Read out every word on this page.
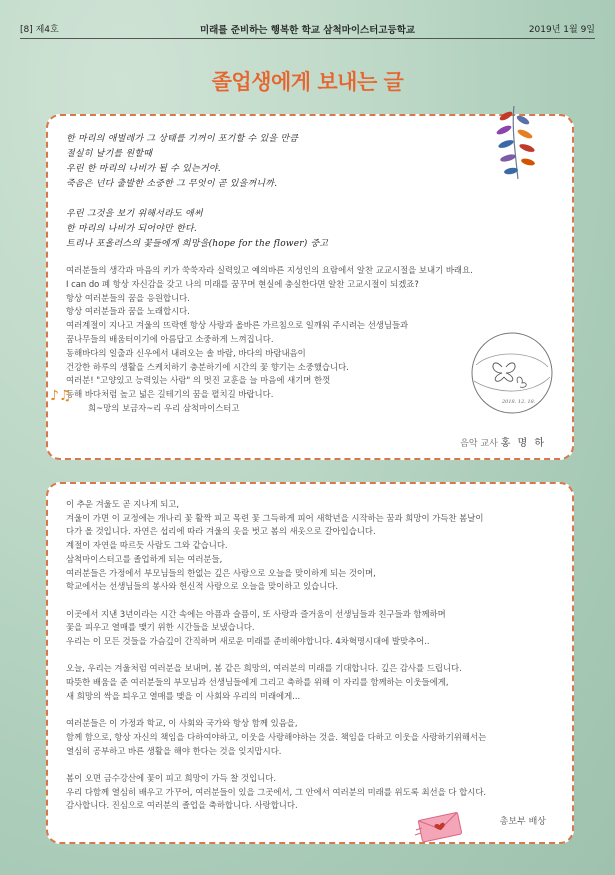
[8] 제4호	미래를 준비하는 행복한 학교 삼척마이스터고등학교	2019년 1월 9일
졸업생에게 보내는 글

한 마리의 애벌레가 그 상태를 기꺼이 포기할 수 있을 만큼

절실히 날기를 원할때

우린 한 마리의 나비가 될 수 있는거야.

죽음은 넌다 출발한 소중한 그 무엇이 곧 있을꺼니까.

우린 그것을 보기 위해서라도 애써

한 마리의 나비가 되어야만 한다.

트리나 포올러스의 꽃들에게 희망을(hope for the flower) 중고

여러분들의 생각과 마음의 키가 쑥쑥자라 실력있고 예의바른 지성인의 요람에서 알찬 교교시절을 보내기 바래요.

I can do 폐 항상 자신감을 갖고 나의 미래를 꿈꾸며 현실에 충실한다면 알찬 고교시절이 되겠죠?

항상 여러분들의 꿈을 응원합니다.

항상 여러분들과 꿈을 노래합시다.

여러계절이 지나고 겨울의 뜨락엔 항상 사랑과 올바른 가르침으로 일깨워 주시려는 선생님들과

꿈나무들의 배움터이기에 아름답고 소중하게 느껴집니다.

동해바다의 일출과 신우에서 내려오는 솔 바람, 바다의 바람내음이

건강한 하루의 생활을 스케치하기 충분하기에 시간의 꽃 향기는 소중했습니다.

여러분! "고양있고 능력있는 사람" 의 멋진 교훈을 늘 마음에 새기며 한껏

동해 바다처럼 높고 넓은 길테기의 꿈을 펼치길 바랍니다.

희~망의 보금자~리 우리 삼척마이스터고

음악 교사 홍 명 하
2018. 12. 18.
♪♫

이 추운 겨울도 곧 지나게 되고,

겨울이 가면 이 교정에는 개나리 꽃 활짝 피고 목련 꽃 그득하게 피어 새학년을 시작하는 꿈과 희망이 가득찬 봄날이

다가 올 것입니다. 자연은 섭리에 따라 겨울의 옷을 벗고 봄의 새옷으로 갈아입습니다.

계절이 자연을 따르듯 사람도 그와 같습니다.

삼척마이스터고를 졸업하게 되는 여러분들,

여러분들은 가정에서 부모님들의 한없는 깊은 사랑으로 오늘을 맞이하게 되는 것이며,

학교에서는 선생님들의 봉사와 헌신적 사랑으로 오늘을 맞이하고 있습니다.

이곳에서 지낸 3년이라는 시간 속에는 아픔과 슬픔이, 또 사랑과 즐거움이 선생님들과 친구들과 함께하며

꽃을 피우고 열매를 맺기 위한 시간들을 보냈습니다.

우리는 이 모든 것들을 가슴깊이 간직하며 새로운 미래를 준비해야합니다. 4차혁명시대에 발맞추어..

오늘, 우리는 겨울처럼 여러분을 보내며, 봄 같은 희망의, 여러분의 미래를 기대합니다. 깊은 감사를 드립니다.

따뜻한 배움을 준 여러분들의 부모님과 선생님들에게 그리고 축하를 위해 이 자리를 함께하는 이웃들에게,

새 희망의 싹을 틔우고 열매를 맺을 이 사회와 우리의 미래에게...

여러분들은 이 가정과 학교, 이 사회와 국가와 항상 함께 있음을,

함께 함으로, 항상 자신의 책임을 다하여야하고, 이웃을 사랑해야하는 것을. 책임을 다하고 이웃을 사랑하기위해서는

열심히 공부하고 바른 생활을 해야 한다는 것을 잊지맙시다.

봄이 오면 금수강산에 꽃이 피고 희망이 가득 찰 것입니다.

우리 다함께 열심히 배우고 가꾸어, 여러분들이 있을 그곳에서, 그 안에서 여러분의 미래를 위도록 최선을 다 합시다.

감사합니다. 진심으로 여러분의 졸업을 축하합니다. 사랑합니다.

총보부 배상
